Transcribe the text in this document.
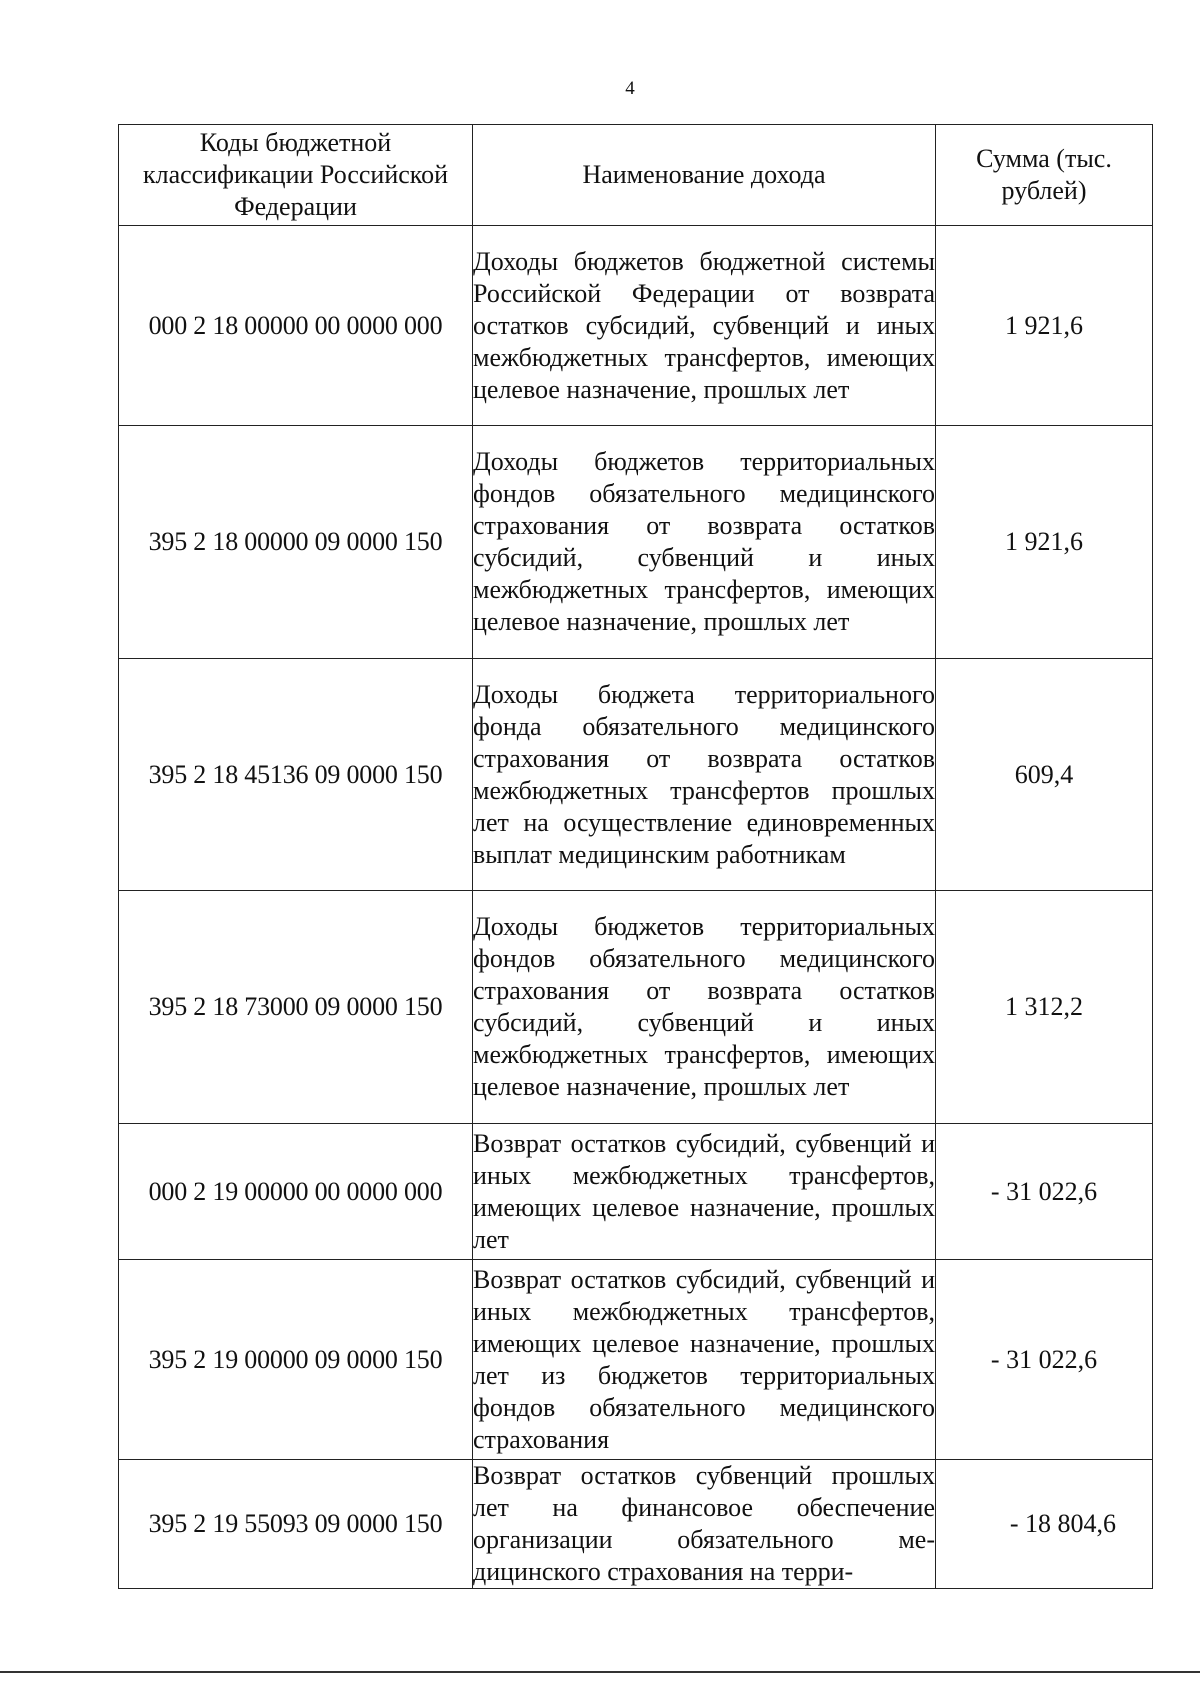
4
Коды бюджетной классификации Российской Федерации	Наименование дохода	Сумма (тыс. рублей)
000 2 18 00000 00 0000 000	Доходы бюджетов бюджетной системы Российской Федерации от возврата остатков субсидий, субвенций и иных межбюджетных трансфертов, имеющих целевое назначение, прошлых лет	1 921,6
395 2 18 00000 09 0000 150	Доходы бюджетов территориальных фондов обязательного медицинского страхования от возврата остатков субсидий, субвенций и иных межбюджетных трансфертов, имеющих целевое назначение, прошлых лет	1 921,6
395 2 18 45136 09 0000 150	Доходы бюджета территориального фонда обязательного медицинского страхования от возврата остатков межбюджетных трансфертов прошлых лет на осуществление единовременных выплат медицинским работникам	609,4
395 2 18 73000 09 0000 150	Доходы бюджетов территориальных фондов обязательного медицинского страхования от возврата остатков субсидий, субвенций и иных межбюджетных трансфертов, имеющих целевое назначение, прошлых лет	1 312,2
000 2 19 00000 00 0000 000	Возврат остатков субсидий, субвенций и иных межбюджетных трансфертов, имеющих целевое назначение, прошлых лет	- 31 022,6
395 2 19 00000 09 0000 150	Возврат остатков субсидий, субвенций и иных межбюджетных трансфертов, имеющих целевое назначение, прошлых лет из бюджетов территориальных фондов обязательного медицинского страхования	- 31 022,6
395 2 19 55093 09 0000 150	Возврат остатков субвенций прошлых лет на финансовое обеспечение организации обязательного медицинского страхования на терри-	- 18 804,6
